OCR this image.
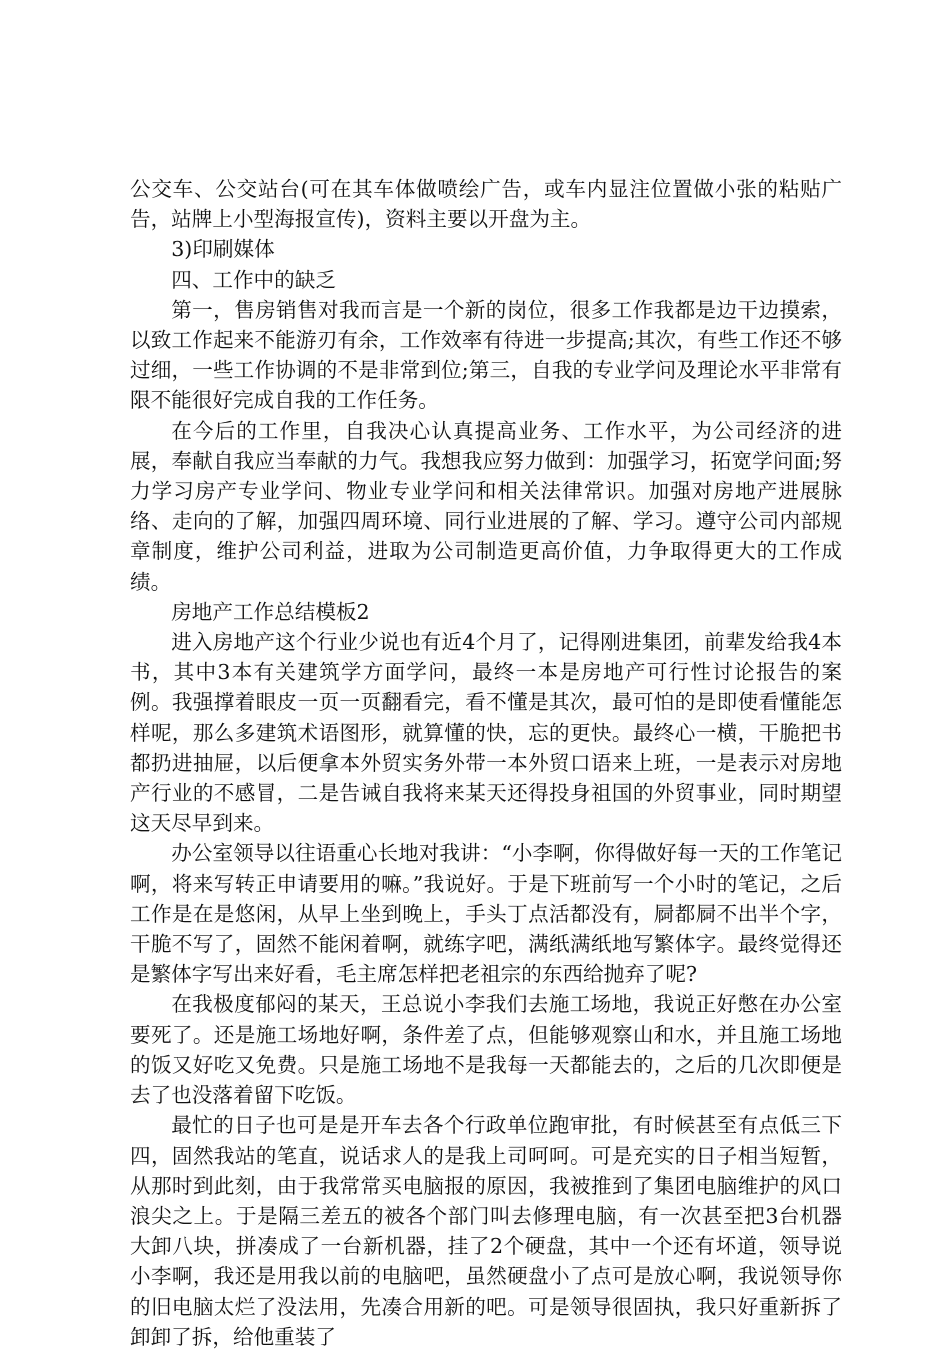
公交车、公交站台(可在其车体做喷绘广告，或车内显注位置做小张的粘贴广告，站牌上小型海报宣传)，资料主要以开盘为主。

3)印刷媒体

四、工作中的缺乏

第一，售房销售对我而言是一个新的岗位，很多工作我都是边干边摸索，以致工作起来不能游刃有余，工作效率有待进一步提高;其次，有些工作还不够过细，一些工作协调的不是非常到位;第三，自我的专业学问及理论水平非常有限不能很好完成自我的工作任务。

在今后的工作里，自我决心认真提高业务、工作水平，为公司经济的进展，奉献自我应当奉献的力气。我想我应努力做到：加强学习，拓宽学问面;努力学习房产专业学问、物业专业学问和相关法律常识。加强对房地产进展脉络、走向的了解，加强四周环境、同行业进展的了解、学习。遵守公司内部规章制度，维护公司利益，进取为公司制造更高价值，力争取得更大的工作成绩。

房地产工作总结模板2

进入房地产这个行业少说也有近4个月了，记得刚进集团，前辈发给我4本书，其中3本有关建筑学方面学问，最终一本是房地产可行性讨论报告的案例。我强撑着眼皮一页一页翻看完，看不懂是其次，最可怕的是即使看懂能怎样呢，那么多建筑术语图形，就算懂的快，忘的更快。最终心一横，干脆把书都扔进抽屉，以后便拿本外贸实务外带一本外贸口语来上班，一是表示对房地产行业的不感冒，二是告诫自我将来某天还得投身祖国的外贸事业，同时期望这天尽早到来。

办公室领导以往语重心长地对我讲：“小李啊，你得做好每一天的工作笔记啊，将来写转正申请要用的嘛。”我说好。于是下班前写一个小时的笔记，之后工作是在是悠闲，从早上坐到晚上，手头丁点活都没有，屙都屙不出半个字，干脆不写了，固然不能闲着啊，就练字吧，满纸满纸地写繁体字。最终觉得还是繁体字写出来好看，毛主席怎样把老祖宗的东西给抛弃了呢?

在我极度郁闷的某天，王总说小李我们去施工场地，我说正好憋在办公室要死了。还是施工场地好啊，条件差了点，但能够观察山和水，并且施工场地的饭又好吃又免费。只是施工场地不是我每一天都能去的，之后的几次即便是去了也没落着留下吃饭。

最忙的日子也可是是开车去各个行政单位跑审批，有时候甚至有点低三下四，固然我站的笔直，说话求人的是我上司呵呵。可是充实的日子相当短暂，从那时到此刻，由于我常常买电脑报的原因，我被推到了集团电脑维护的风口浪尖之上。于是隔三差五的被各个部门叫去修理电脑，有一次甚至把3台机器大卸八块，拼凑成了一台新机器，挂了2个硬盘，其中一个还有坏道，领导说小李啊，我还是用我以前的电脑吧，虽然硬盘小了点可是放心啊，我说领导你的旧电脑太烂了没法用，先凑合用新的吧。可是领导很固执，我只好重新拆了卸卸了拆，给他重装了
